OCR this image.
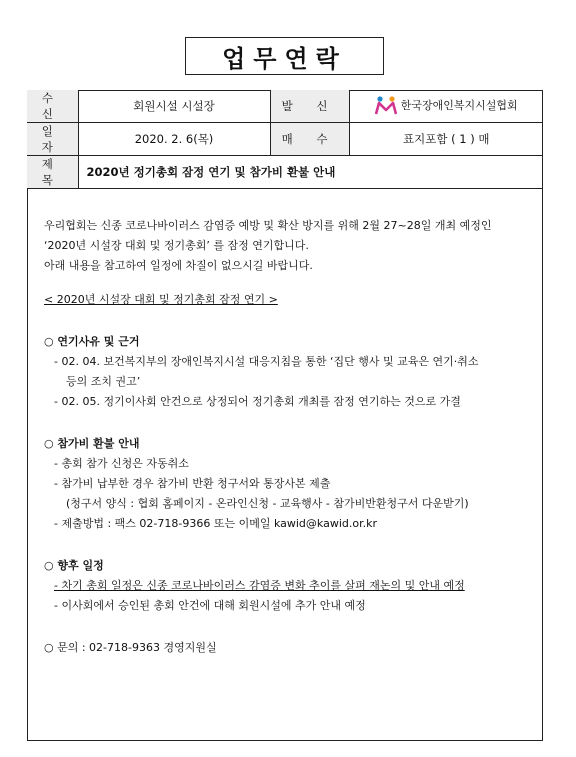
업무연락
수 신	회원시설 시설장	발 신	한국장애인복지시설협회

일 자	2020. 2. 6(목)	매 수	표지포함 ( 1 ) 매
제 목	2020년 정기총회 잠정 연기 및 참가비 환불 안내		

우리협회는 신종 코로나바이러스 감염증 예방 및 확산 방지를 위해 2월 27~28일 개최 예정인

‘2020년 시설장 대회 및 정기총회’ 를 잠정 연기합니다.

아래 내용을 참고하여 일정에 차질이 없으시길 바랍니다.

< 2020년 시설장 대회 및 정기총회 잠정 연기 >
○ 연기사유 및 근거
- 02. 04. 보건복지부의 장애인복지시설 대응지침을 통한 ‘집단 행사 및 교육은 연기·취소
등의 조치 권고’
- 02. 05. 정기이사회 안건으로 상정되어 정기총회 개최를 잠정 연기하는 것으로 가결
○ 참가비 환불 안내
- 총회 참가 신청은 자동취소
- 참가비 납부한 경우 참가비 반환 청구서와 통장사본 제출
(청구서 양식 : 협회 홈페이지 - 온라인신청 - 교육행사 - 참가비반환청구서 다운받기)
- 제출방법 : 팩스 02-718-9366 또는 이메일 kawid@kawid.or.kr
○ 향후 일정
- 차기 총회 일정은 신종 코로나바이러스 감염증 변화 추이를 살펴 재논의 및 안내 예정
- 이사회에서 승인된 총회 안건에 대해 회원시설에 추가 안내 예정
○ 문의 : 02-718-9363 경영지원실
